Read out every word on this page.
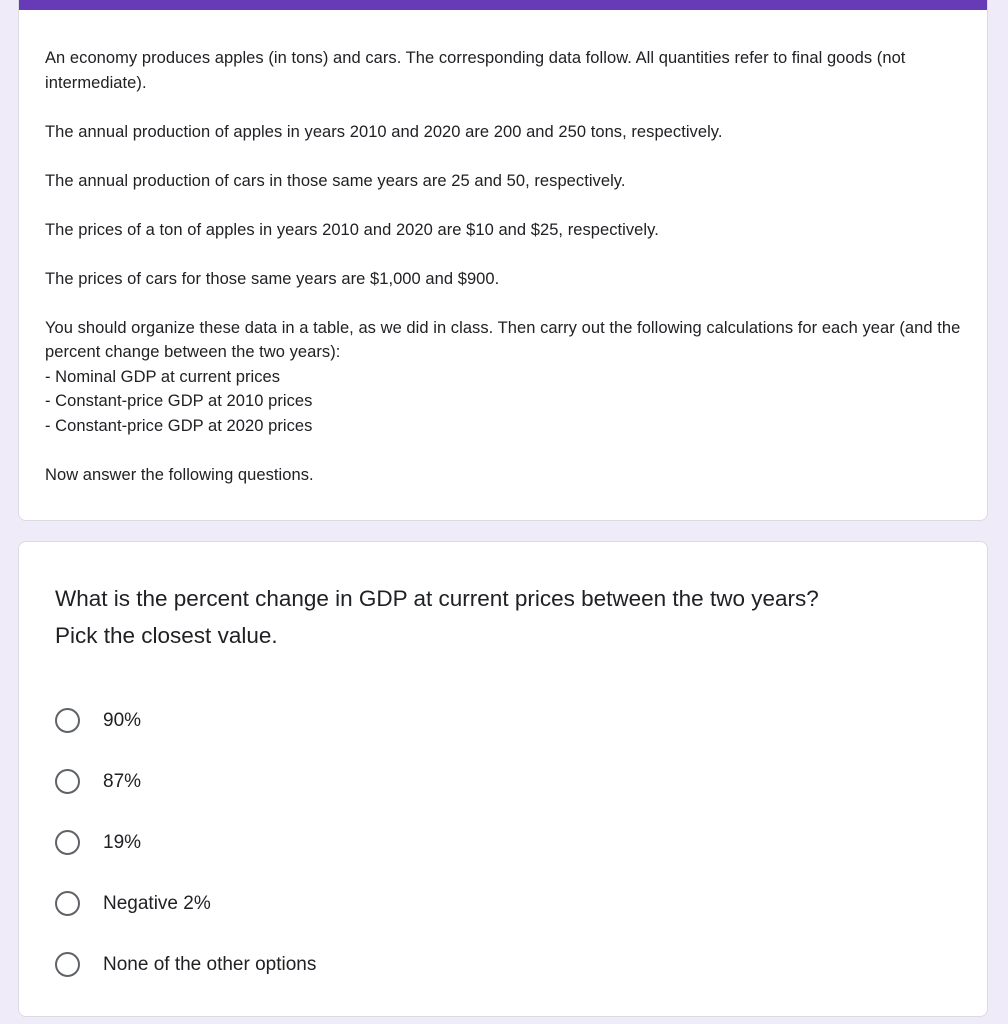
An economy produces apples (in tons) and cars. The corresponding data follow. All quantities refer to final goods (not intermediate).

The annual production of apples in years 2010 and 2020 are 200 and 250 tons, respectively.

The annual production of cars in those same years are 25 and 50, respectively.

The prices of a ton of apples in years 2010 and 2020 are $10 and $25, respectively.

The prices of cars for those same years are $1,000 and $900.

You should organize these data in a table, as we did in class. Then carry out the following calculations for each year (and the percent change between the two years):
- Nominal GDP at current prices
- Constant-price GDP at 2010 prices
- Constant-price GDP at 2020 prices

Now answer the following questions.

What is the percent change in GDP at current prices between the two years?
Pick the closest value.
90%
87%
19%
Negative 2%
None of the other options
